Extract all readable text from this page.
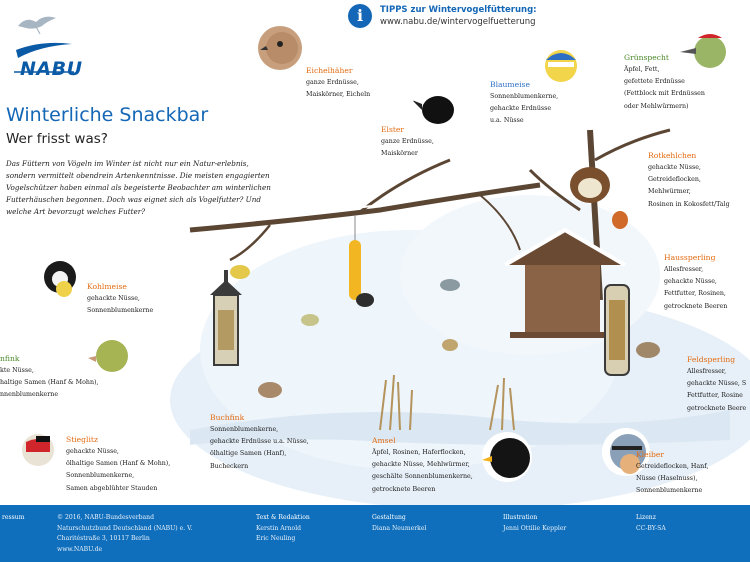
NABU
i	TIPPS zur Wintervogelfütterung:
www.nabu.de/wintervogelfuetterung
Winterliche Snackbar
Wer frisst was?

Das Füttern von Vögeln im Winter ist nicht nur ein Natur-erlebnis, sondern vermittelt obendrein Artenkenntnisse. Die meisten engagierten Vogelschützer haben einmal als begeisterte Beobachter am winterlichen Futterhäuschen begonnen. Doch was eignet sich als Vogelfutter? Und welche Art bevorzugt welches Futter?

Eichelhäher
ganze Erdnüsse,
Maiskörner, Eicheln
Elster
ganze Erdnüsse,
Maiskörner
Blaumeise
Sonnenblumenkerne,
gehackte Erdnüsse
u.a. Nüsse
Grünspecht
Äpfel, Fett,
gefettete Erdnüsse
(Fettblock mit Erdnüssen
oder Mehlwürmern)
Rotkehlchen
gehackte Nüsse,
Getreideflocken,
Mehlwürmer,
Rosinen in Kokosfett/Talg
Haussperling
Allesfresser,
gehackte Nüsse,
Fettfutter, Rosinen,
getrocknete Beeren
Feldsperling
Allesfresser,
gehackte Nüsse, S
Fettfutter, Rosine
getrocknete Beere
Kohlmeise
gehackte Nüsse,
Sonnenblumenkerne
nfink
kte Nüsse,
haltige Samen (Hanf & Mohn),
nnenblumenkerne
Stieglitz
gehackte Nüsse,
ölhaltige Samen (Hanf & Mohn),
Sonnenblumenkerne,
Samen abgeblühter Stauden
Buchfink
Sonnenblumenkerne,
gehackte Erdnüsse u.a. Nüsse,
ölhaltige Samen (Hanf),
Bucheckern
Amsel
Äpfel, Rosinen, Haferflocken,
gehackte Nüsse, Mehlwürmer,
geschälte Sonnenblumenkerne,
getrocknete Beeren
Kleiber
Getreideflocken, Hanf,
Nüsse (Haselnuss),
Sonnenblumenkerne
ressum	© 2016, NABU-Bundesverband
Naturschutzbund Deutschland (NABU) e. V.
Charitéstraße 3, 10117 Berlin
www.NABU.de
Text & Redaktion
Kerstin Arnold
Eric Neuling
Gestaltung
Diana Neumerkel
Illustration
Jenni Ottilie Keppler
Lizenz
CC-BY-SA
